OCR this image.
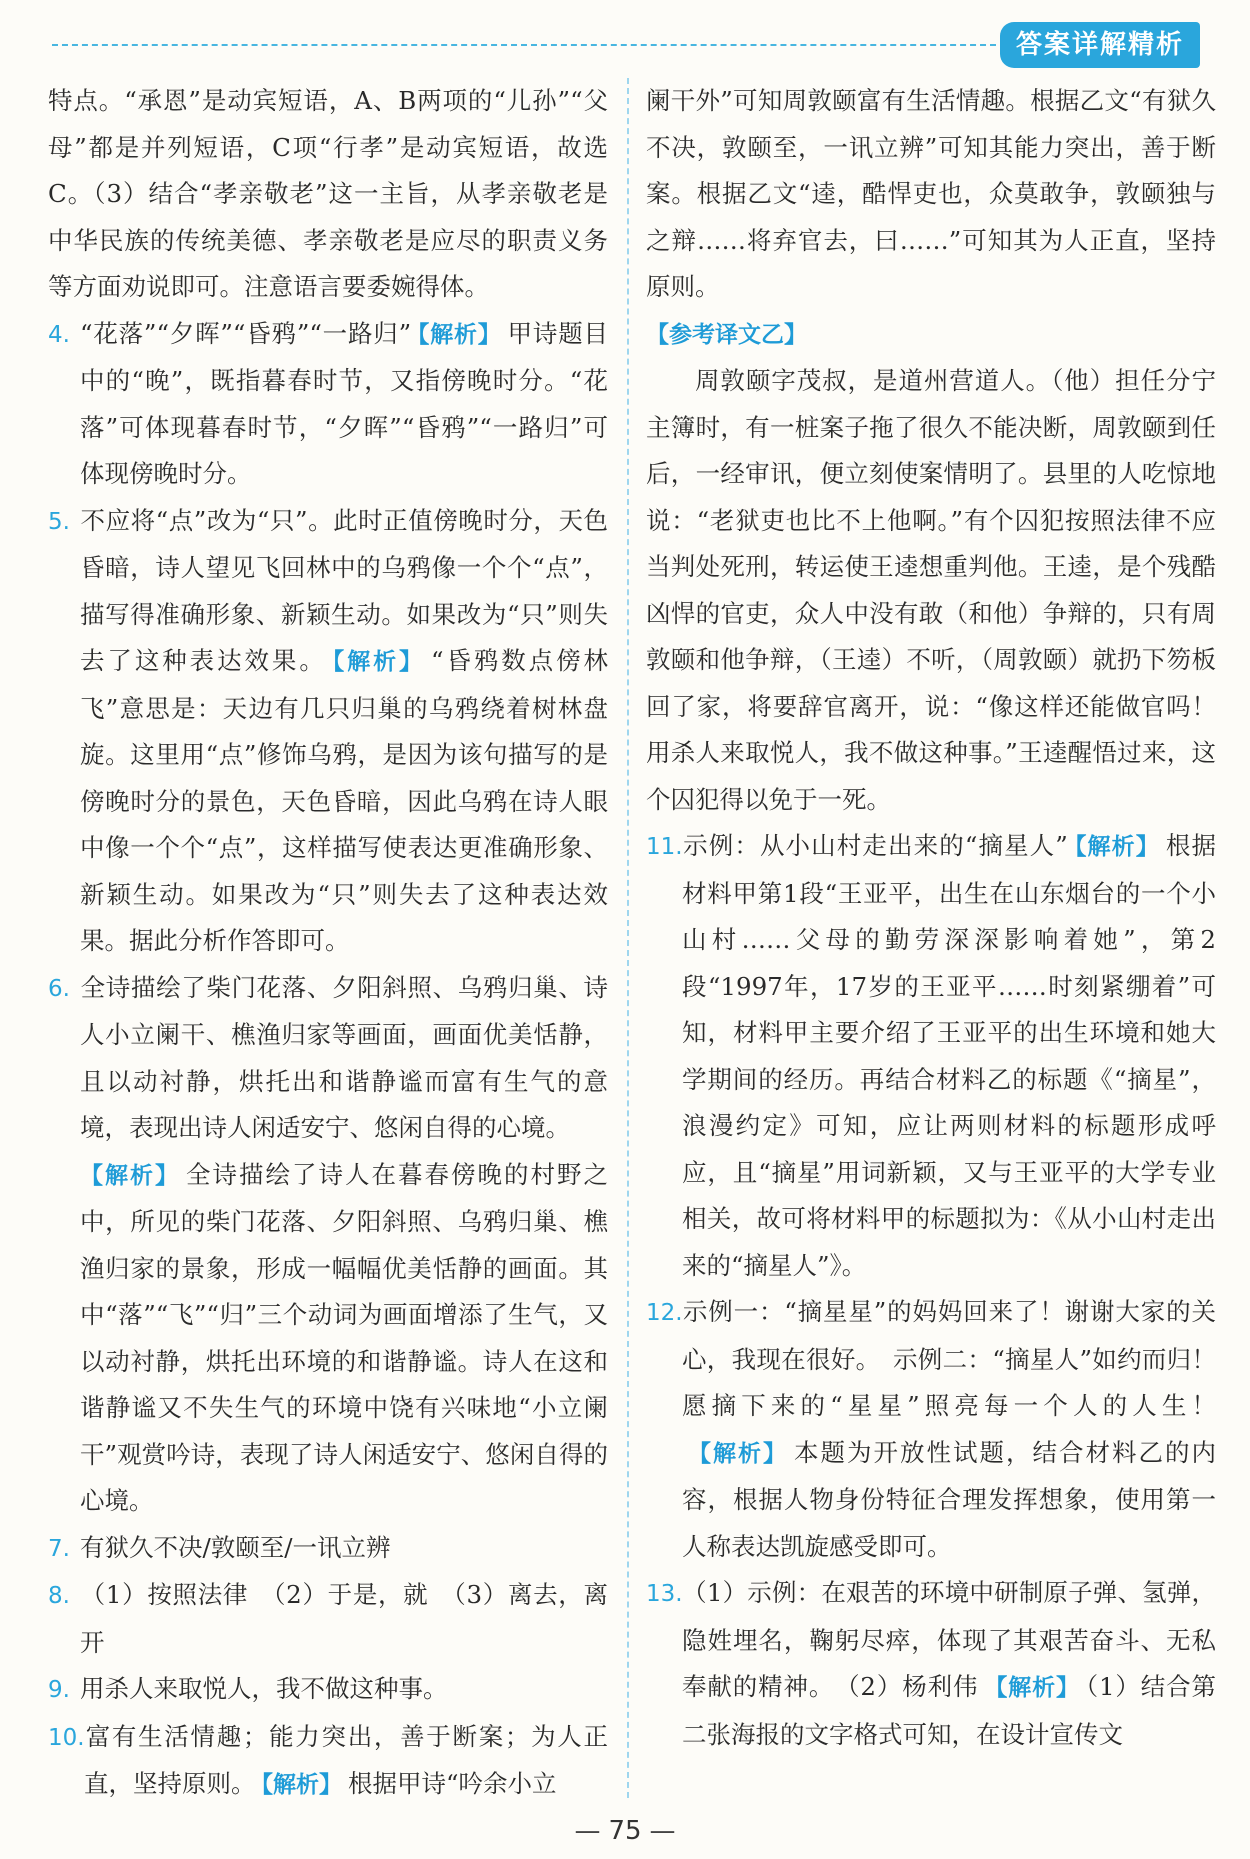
答案详解精析

特点。“承恩”是动宾短语，A、B两项的“儿孙”“父母”都是并列短语，C项“行孝”是动宾短语，故选C。（3）结合“孝亲敬老”这一主旨，从孝亲敬老是中华民族的传统美德、孝亲敬老是应尽的职责义务等方面劝说即可。注意语言要委婉得体。

4. “花落”“夕晖”“昏鸦”“一路归” 【解析】 甲诗题目中的“晚”，既指暮春时节，又指傍晚时分。“花落”可体现暮春时节，“夕晖”“昏鸦”“一路归”可体现傍晚时分。

5. 不应将“点”改为“只”。此时正值傍晚时分，天色昏暗，诗人望见飞回林中的乌鸦像一个个“点”，描写得准确形象、新颖生动。如果改为“只”则失去了这种表达效果。 【解析】 “昏鸦数点傍林飞”意思是：天边有几只归巢的乌鸦绕着树林盘旋。这里用“点”修饰乌鸦，是因为该句描写的是傍晚时分的景色，天色昏暗，因此乌鸦在诗人眼中像一个个“点”，这样描写使表达更准确形象、新颖生动。如果改为“只”则失去了这种表达效果。据此分析作答即可。

6. 全诗描绘了柴门花落、夕阳斜照、乌鸦归巢、诗人小立阑干、樵渔归家等画面，画面优美恬静，且以动衬静，烘托出和谐静谧而富有生气的意境，表现出诗人闲适安宁、悠闲自得的心境。

【解析】 全诗描绘了诗人在暮春傍晚的村野之中，所见的柴门花落、夕阳斜照、乌鸦归巢、樵渔归家的景象，形成一幅幅优美恬静的画面。其中“落”“飞”“归”三个动词为画面增添了生气，又以动衬静，烘托出环境的和谐静谧。诗人在这和谐静谧又不失生气的环境中饶有兴味地“小立阑干”观赏吟诗，表现了诗人闲适安宁、悠闲自得的心境。

7. 有狱久不决/敦颐至/一讯立辨

8. （1）按照法律　（2）于是，就　（3）离去，离开

9. 用杀人来取悦人，我不做这种事。

10.富有生活情趣；能力突出，善于断案；为人正直，坚持原则。 【解析】 根据甲诗“吟余小立

阑干外”可知周敦颐富有生活情趣。根据乙文“有狱久不决，敦颐至，一讯立辨”可知其能力突出，善于断案。根据乙文“逵，酷悍吏也，众莫敢争，敦颐独与之辩……将弃官去，曰……”可知其为人正直，坚持原则。

【参考译文乙】

周敦颐字茂叔，是道州营道人。（他）担任分宁主簿时，有一桩案子拖了很久不能决断，周敦颐到任后，一经审讯，便立刻使案情明了。县里的人吃惊地说：“老狱吏也比不上他啊。”有个囚犯按照法律不应当判处死刑，转运使王逵想重判他。王逵，是个残酷凶悍的官吏，众人中没有敢（和他）争辩的，只有周敦颐和他争辩，（王逵）不听，（周敦颐）就扔下笏板回了家，将要辞官离开，说：“像这样还能做官吗！用杀人来取悦人，我不做这种事。”王逵醒悟过来，这个囚犯得以免于一死。

11.示例：从小山村走出来的“摘星人” 【解析】 根据材料甲第1段“王亚平，出生在山东烟台的一个小山村……父母的勤劳深深影响着她”，第2段“1997年，17岁的王亚平……时刻紧绷着”可知，材料甲主要介绍了王亚平的出生环境和她大学期间的经历。再结合材料乙的标题《“摘星”，浪漫约定》可知，应让两则材料的标题形成呼应，且“摘星”用词新颖，又与王亚平的大学专业相关，故可将材料甲的标题拟为：《从小山村走出来的“摘星人”》。

12.示例一：“摘星星”的妈妈回来了！谢谢大家的关心，我现在很好。　示例二：“摘星人”如约而归！愿摘下来的“星星”照亮每一个人的人生！【解析】 本题为开放性试题，结合材料乙的内容，根据人物身份特征合理发挥想象，使用第一人称表达凯旋感受即可。

13.（1）示例：在艰苦的环境中研制原子弹、氢弹，隐姓埋名，鞠躬尽瘁，体现了其艰苦奋斗、无私奉献的精神。　（2）杨利伟 【解析】 （1）结合第二张海报的文字格式可知，在设计宣传文

— 75 —
